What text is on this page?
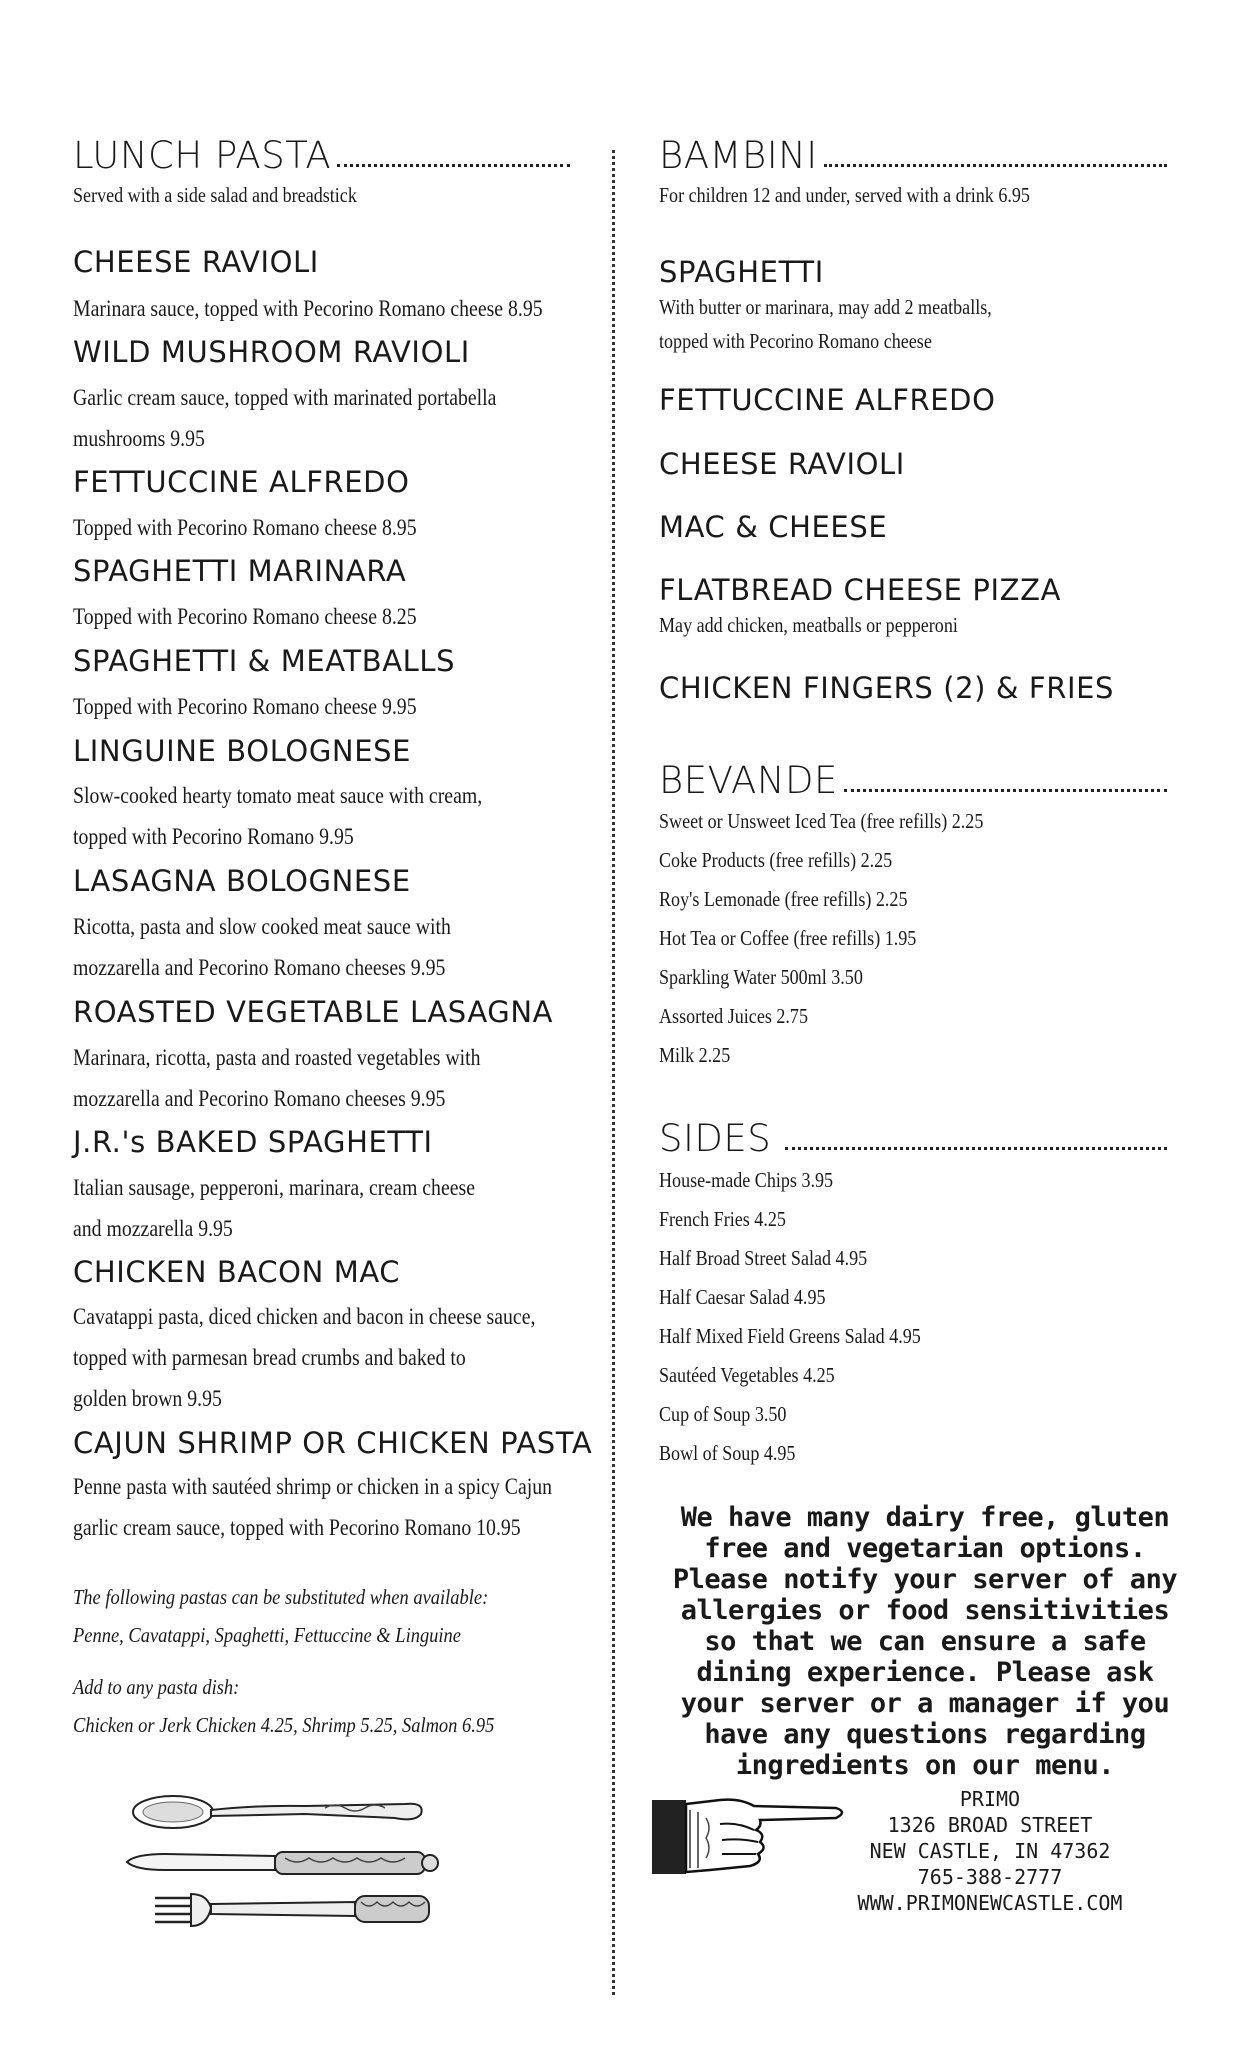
LUNCH PASTA
Served with a side salad and breadstick
CHEESE RAVIOLI
Marinara sauce, topped with Pecorino Romano cheese 8.95
WILD MUSHROOM RAVIOLI
Garlic cream sauce, topped with marinated portabella
mushrooms 9.95
FETTUCCINE ALFREDO
Topped with Pecorino Romano cheese 8.95
SPAGHETTI MARINARA
Topped with Pecorino Romano cheese 8.25
SPAGHETTI & MEATBALLS
Topped with Pecorino Romano cheese 9.95
LINGUINE BOLOGNESE
Slow-cooked hearty tomato meat sauce with cream,
topped with Pecorino Romano 9.95
LASAGNA BOLOGNESE
Ricotta, pasta and slow cooked meat sauce with
mozzarella and Pecorino Romano cheeses 9.95
ROASTED VEGETABLE LASAGNA
Marinara, ricotta, pasta and roasted vegetables with
mozzarella and Pecorino Romano cheeses 9.95
J.R.'s BAKED SPAGHETTI
Italian sausage, pepperoni, marinara, cream cheese
and mozzarella 9.95
CHICKEN BACON MAC
Cavatappi pasta, diced chicken and bacon in cheese sauce,
topped with parmesan bread crumbs and baked to
golden brown 9.95
CAJUN SHRIMP OR CHICKEN PASTA
Penne pasta with sautéed shrimp or chicken in a spicy Cajun
garlic cream sauce, topped with Pecorino Romano 10.95
The following pastas can be substituted when available:
Penne, Cavatappi, Spaghetti, Fettuccine & Linguine
Add to any pasta dish:
Chicken or Jerk Chicken 4.25, Shrimp 5.25, Salmon 6.95
BAMBINI
For children 12 and under, served with a drink 6.95
SPAGHETTI
With butter or marinara, may add 2 meatballs,
topped with Pecorino Romano cheese
FETTUCCINE ALFREDO
CHEESE RAVIOLI
MAC & CHEESE
FLATBREAD CHEESE PIZZA
May add chicken, meatballs or pepperoni
CHICKEN FINGERS (2) & FRIES
BEVANDE
Sweet or Unsweet Iced Tea (free refills) 2.25
Coke Products (free refills) 2.25
Roy's Lemonade (free refills) 2.25
Hot Tea or Coffee (free refills) 1.95
Sparkling Water 500ml 3.50
Assorted Juices 2.75
Milk 2.25
SIDES
House-made Chips 3.95
French Fries 4.25
Half Broad Street Salad 4.95
Half Caesar Salad 4.95
Half Mixed Field Greens Salad 4.95
Sautéed Vegetables 4.25
Cup of Soup 3.50
Bowl of Soup 4.95
We have many dairy free, gluten
free and vegetarian options.
Please notify your server of any
allergies or food sensitivities
so that we can ensure a safe
dining experience. Please ask
your server or a manager if you
have any questions regarding
ingredients on our menu.
PRIMO
1326 BROAD STREET
NEW CASTLE, IN 47362
765-388-2777
WWW.PRIMONEWCASTLE.COM
